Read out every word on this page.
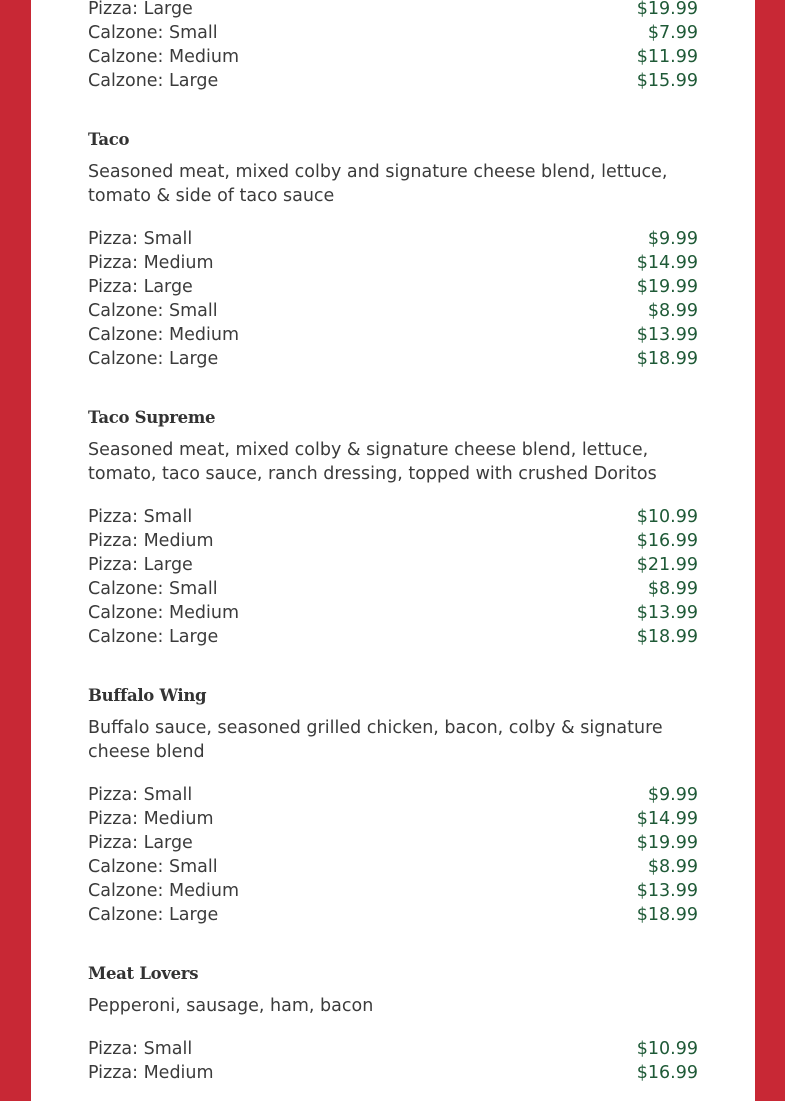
Pizza: Large	$19.99
Calzone: Small	$7.99
Calzone: Medium	$11.99
Calzone: Large	$15.99
Taco
Seasoned meat, mixed colby and signature cheese blend, lettuce, tomato & side of taco sauce
Pizza: Small	$9.99
Pizza: Medium	$14.99
Pizza: Large	$19.99
Calzone: Small	$8.99
Calzone: Medium	$13.99
Calzone: Large	$18.99
Taco Supreme
Seasoned meat, mixed colby & signature cheese blend, lettuce, tomato, taco sauce, ranch dressing, topped with crushed Doritos
Pizza: Small	$10.99
Pizza: Medium	$16.99
Pizza: Large	$21.99
Calzone: Small	$8.99
Calzone: Medium	$13.99
Calzone: Large	$18.99
Buffalo Wing
Buffalo sauce, seasoned grilled chicken, bacon, colby & signature cheese blend
Pizza: Small	$9.99
Pizza: Medium	$14.99
Pizza: Large	$19.99
Calzone: Small	$8.99
Calzone: Medium	$13.99
Calzone: Large	$18.99
Meat Lovers
Pepperoni, sausage, ham, bacon
Pizza: Small	$10.99
Pizza: Medium	$16.99
